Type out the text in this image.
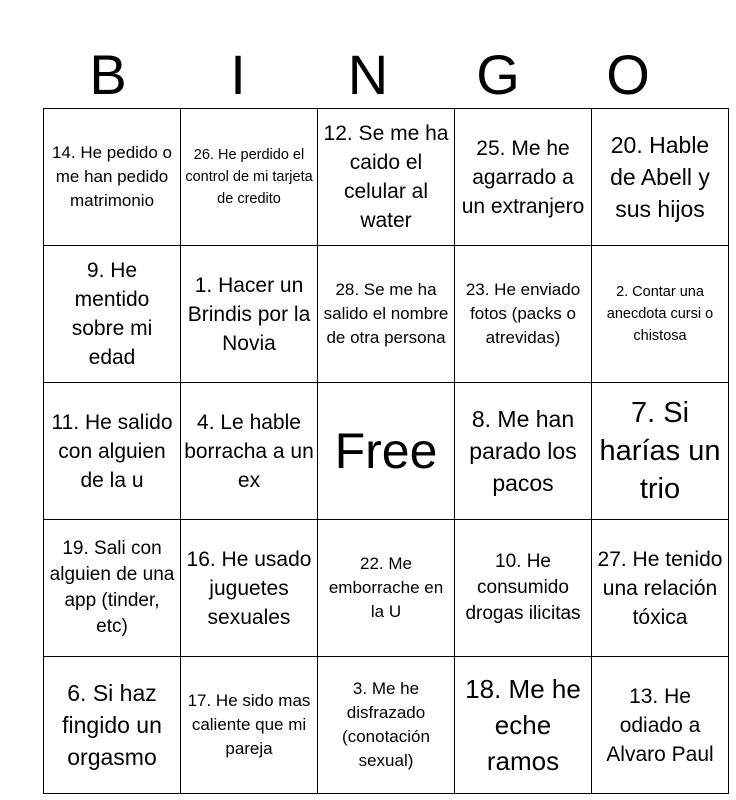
B	I	N	G	O
14. He pedido o me han pedido matrimonio	26. He perdido el control de mi tarjeta de credito	12. Se me ha caido el celular al water	25. Me he agarrado a un extranjero	20. Hable de Abell y sus hijos
9. He mentido sobre mi edad	1. Hacer un Brindis por la Novia	28. Se me ha salido el nombre de otra persona	23. He enviado fotos (packs o atrevidas)	2. Contar una anecdota cursi o chistosa
11. He salido con alguien de la u	4. Le hable borracha a un ex	Free	8. Me han parado los pacos	7. Si harías un trio
19. Sali con alguien de una app (tinder, etc)	16. He usado juguetes sexuales	22. Me emborrache en la U	10. He consumido drogas ilicitas	27. He tenido una relación tóxica
6. Si haz fingido un orgasmo	17. He sido mas caliente que mi pareja	3. Me he disfrazado (conotación sexual)	18. Me he eche ramos	13. He odiado a Alvaro Paul
